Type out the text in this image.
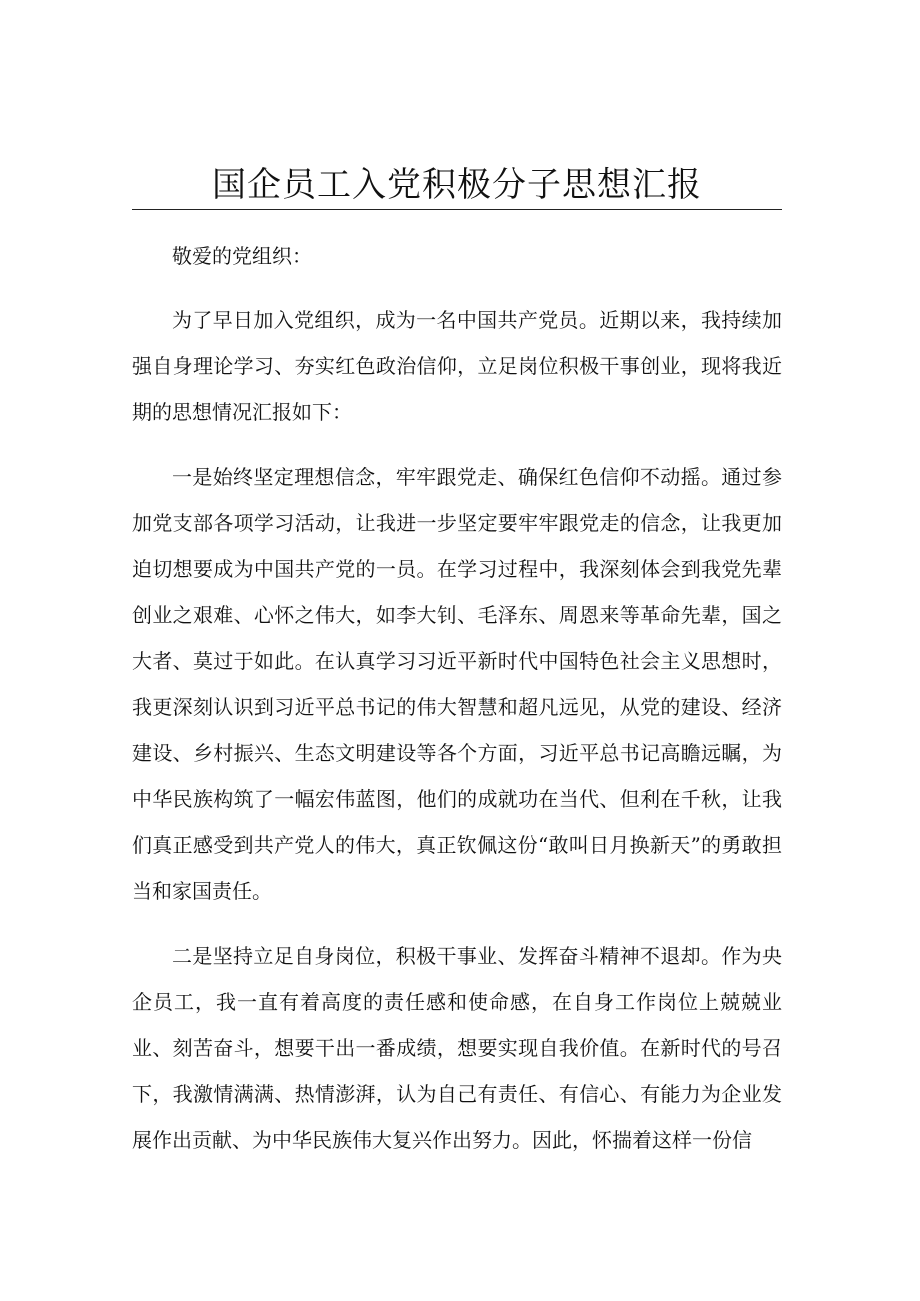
国企员工入党积极分子思想汇报

敬爱的党组织：

为了早日加入党组织，成为一名中国共产党员。近期以来，我持续加强自身理论学习、夯实红色政治信仰，立足岗位积极干事创业，现将我近期的思想情况汇报如下：

一是始终坚定理想信念，牢牢跟党走、确保红色信仰不动摇。通过参加党支部各项学习活动，让我进一步坚定要牢牢跟党走的信念，让我更加迫切想要成为中国共产党的一员。在学习过程中，我深刻体会到我党先辈创业之艰难、心怀之伟大，如李大钊、毛泽东、周恩来等革命先辈，国之大者、莫过于如此。在认真学习习近平新时代中国特色社会主义思想时，我更深刻认识到习近平总书记的伟大智慧和超凡远见，从党的建设、经济建设、乡村振兴、生态文明建设等各个方面，习近平总书记高瞻远瞩，为中华民族构筑了一幅宏伟蓝图，他们的成就功在当代、但利在千秋，让我们真正感受到共产党人的伟大，真正钦佩这份“敢叫日月换新天”的勇敢担当和家国责任。

二是坚持立足自身岗位，积极干事业、发挥奋斗精神不退却。作为央企员工，我一直有着高度的责任感和使命感，在自身工作岗位上兢兢业业、刻苦奋斗，想要干出一番成绩，想要实现自我价值。在新时代的号召下，我激情满满、热情澎湃，认为自己有责任、有信心、有能力为企业发展作出贡献、为中华民族伟大复兴作出努力。因此，怀揣着这样一份信
